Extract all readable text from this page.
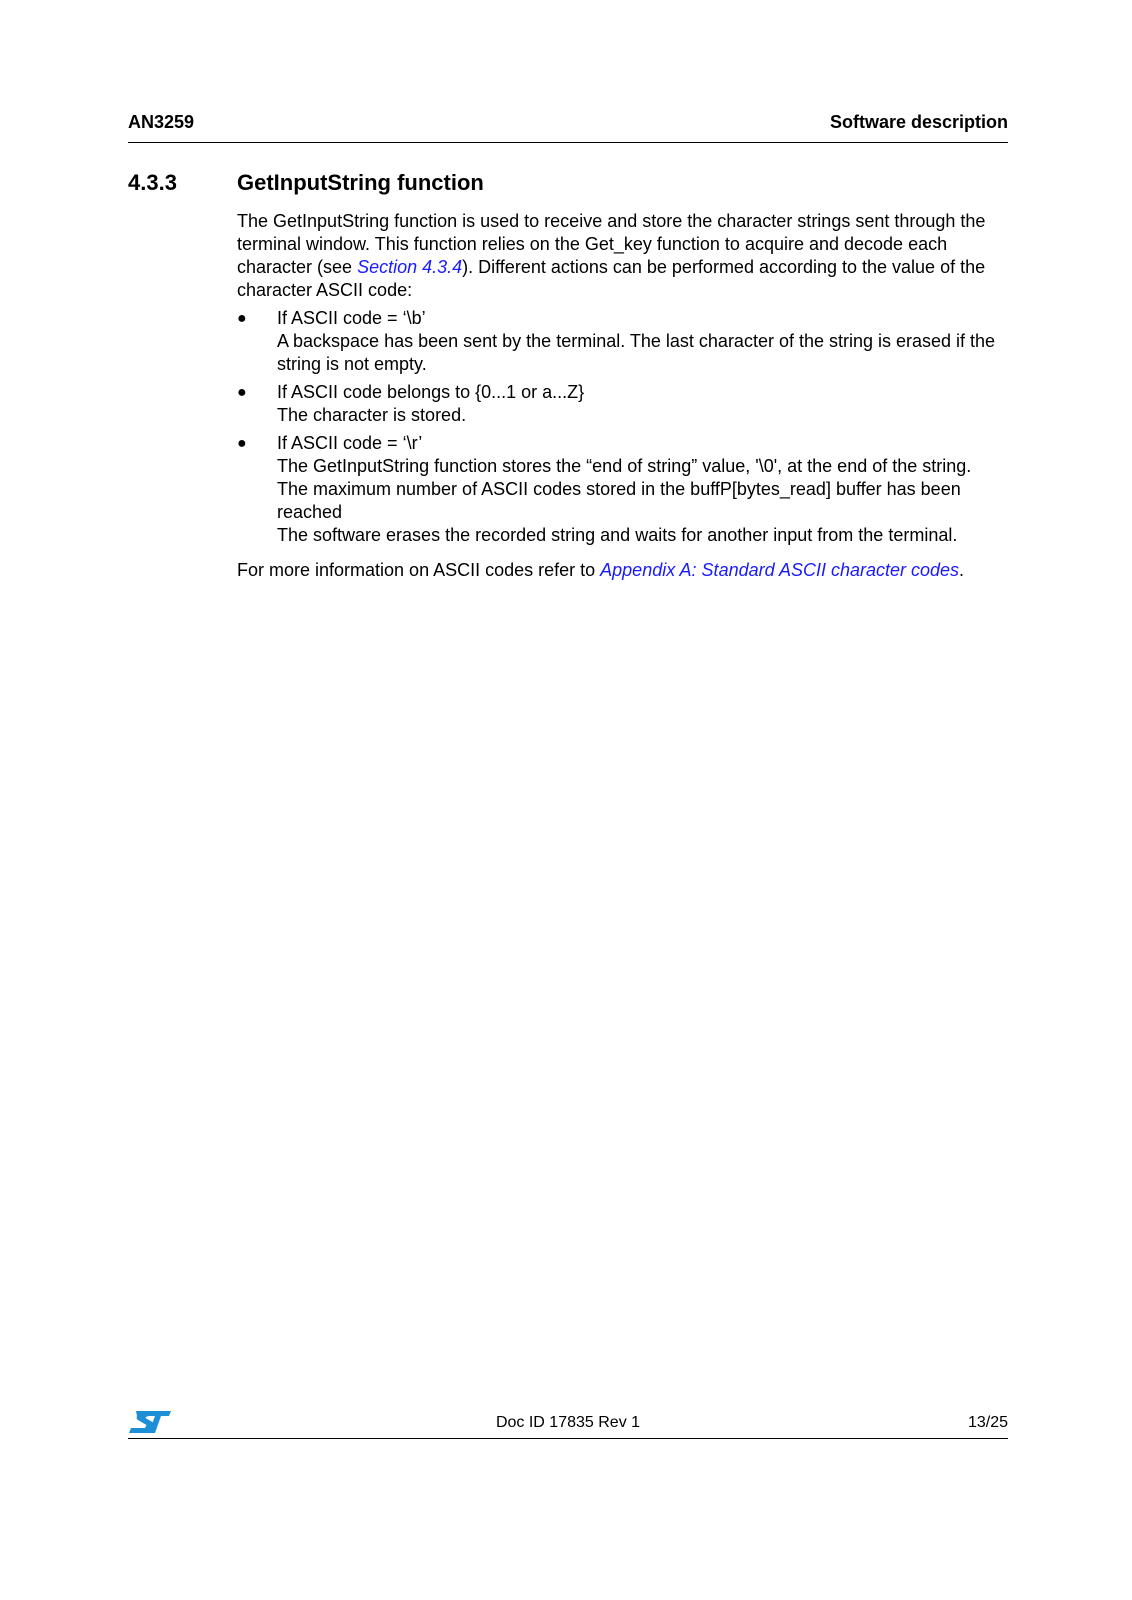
AN3259	Software description
4.3.3	GetInputString function

The GetInputString function is used to receive and store the character strings sent through the terminal window. This function relies on the Get_key function to acquire and decode each character (see Section 4.3.4). Different actions can be performed according to the value of the character ASCII code:

● If ASCII code = ‘\b’

A backspace has been sent by the terminal. The last character of the string is erased if the string is not empty.

● If ASCII code belongs to {0...1 or a...Z}

The character is stored.

● If ASCII code = ‘\r’

The GetInputString function stores the “end of string” value, '\0', at the end of the string.

The maximum number of ASCII codes stored in the buffP[bytes_read] buffer has been reached

The software erases the recorded string and waits for another input from the terminal.

For more information on ASCII codes refer to Appendix A: Standard ASCII character codes.

Doc ID 17835 Rev 1	13/25
